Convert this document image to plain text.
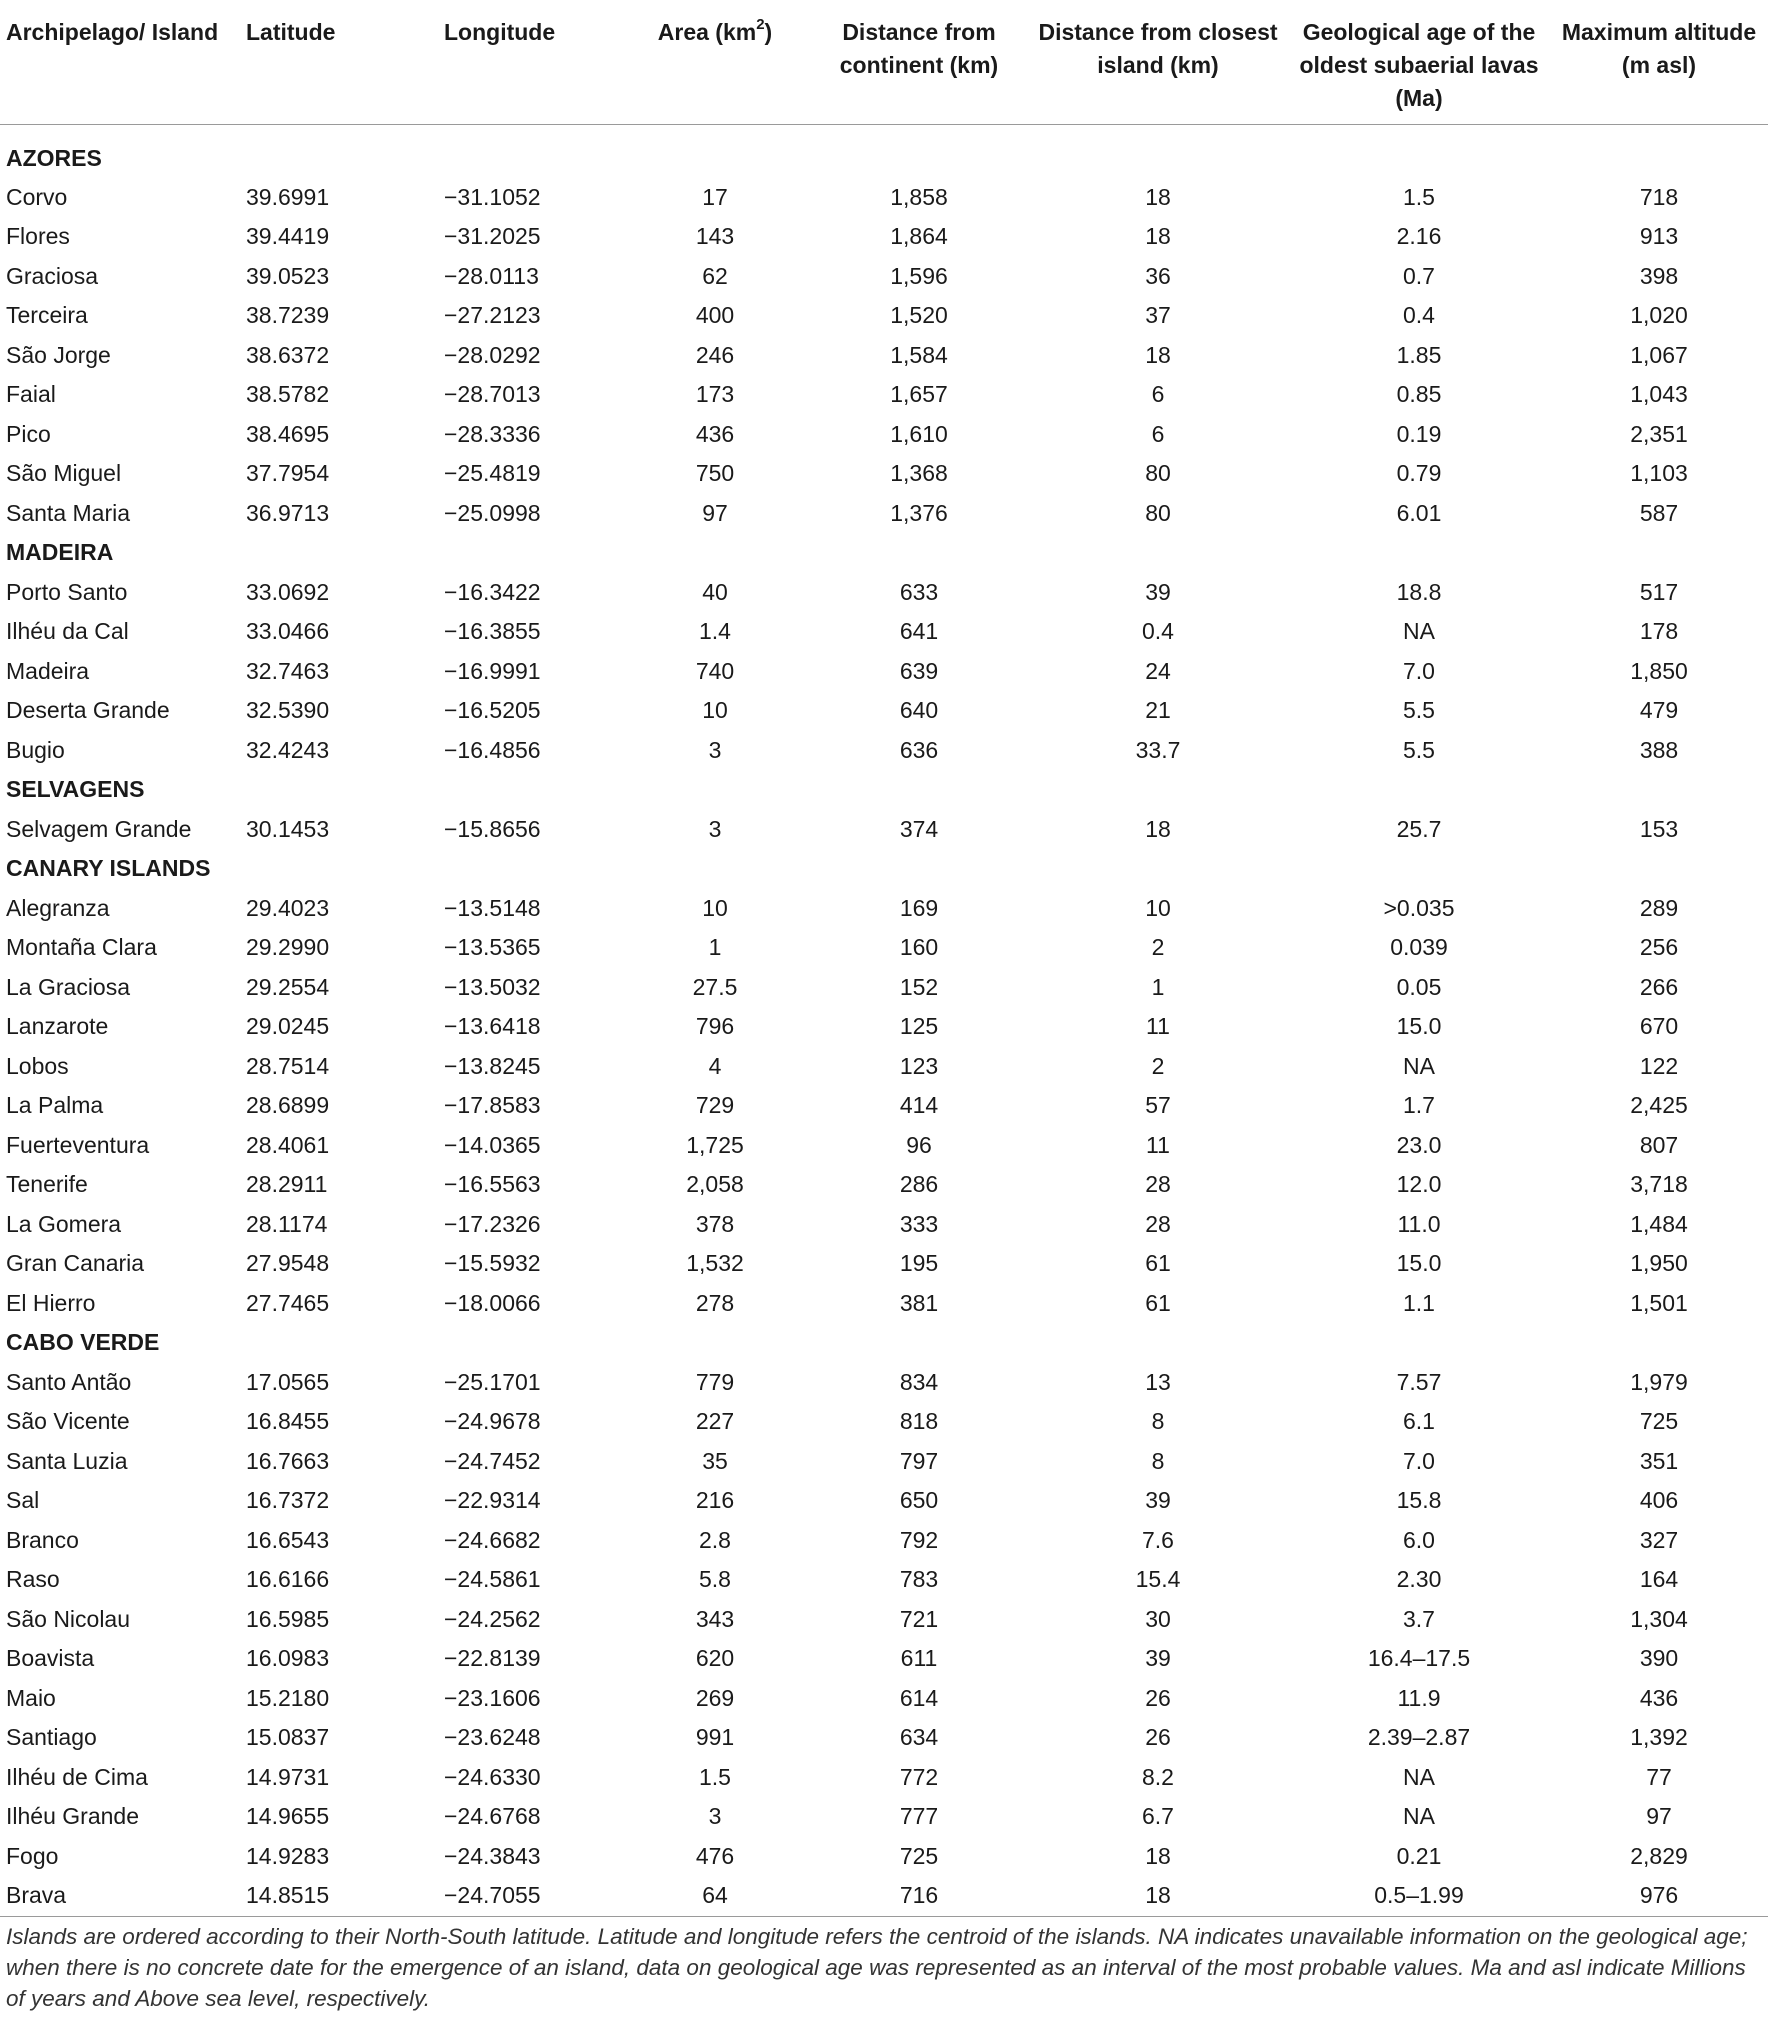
Archipelago/ Island	Latitude	Longitude	Area $(km^2)$	Distance from continent (km)	Distance from closest island (km)	Geological age of the oldest subaerial lavas (Ma)	Maximum altitude (m asl)
AZORES							
Corvo	39.6991	−31.1052	17	1,858	18	1.5	718
Flores	39.4419	−31.2025	143	1,864	18	2.16	913
Graciosa	39.0523	−28.0113	62	1,596	36	0.7	398
Terceira	38.7239	−27.2123	400	1,520	37	0.4	1,020
São Jorge	38.6372	−28.0292	246	1,584	18	1.85	1,067
Faial	38.5782	−28.7013	173	1,657	6	0.85	1,043
Pico	38.4695	−28.3336	436	1,610	6	0.19	2,351
São Miguel	37.7954	−25.4819	750	1,368	80	0.79	1,103
Santa Maria	36.9713	−25.0998	97	1,376	80	6.01	587
MADEIRA							
Porto Santo	33.0692	−16.3422	40	633	39	18.8	517
Ilhéu da Cal	33.0466	−16.3855	1.4	641	0.4	NA	178
Madeira	32.7463	−16.9991	740	639	24	7.0	1,850
Deserta Grande	32.5390	−16.5205	10	640	21	5.5	479
Bugio	32.4243	−16.4856	3	636	33.7	5.5	388
SELVAGENS							
Selvagem Grande	30.1453	−15.8656	3	374	18	25.7	153
CANARY ISLANDS							
Alegranza	29.4023	−13.5148	10	169	10	>0.035	289
Montaña Clara	29.2990	−13.5365	1	160	2	0.039	256
La Graciosa	29.2554	−13.5032	27.5	152	1	0.05	266
Lanzarote	29.0245	−13.6418	796	125	11	15.0	670
Lobos	28.7514	−13.8245	4	123	2	NA	122
La Palma	28.6899	−17.8583	729	414	57	1.7	2,425
Fuerteventura	28.4061	−14.0365	1,725	96	11	23.0	807
Tenerife	28.2911	−16.5563	2,058	286	28	12.0	3,718
La Gomera	28.1174	−17.2326	378	333	28	11.0	1,484
Gran Canaria	27.9548	−15.5932	1,532	195	61	15.0	1,950
El Hierro	27.7465	−18.0066	278	381	61	1.1	1,501
CABO VERDE							
Santo Antão	17.0565	−25.1701	779	834	13	7.57	1,979
São Vicente	16.8455	−24.9678	227	818	8	6.1	725
Santa Luzia	16.7663	−24.7452	35	797	8	7.0	351
Sal	16.7372	−22.9314	216	650	39	15.8	406
Branco	16.6543	−24.6682	2.8	792	7.6	6.0	327
Raso	16.6166	−24.5861	5.8	783	15.4	2.30	164
São Nicolau	16.5985	−24.2562	343	721	30	3.7	1,304
Boavista	16.0983	−22.8139	620	611	39	16.4–17.5	390
Maio	15.2180	−23.1606	269	614	26	11.9	436
Santiago	15.0837	−23.6248	991	634	26	2.39–2.87	1,392
Ilhéu de Cima	14.9731	−24.6330	1.5	772	8.2	NA	77
Ilhéu Grande	14.9655	−24.6768	3	777	6.7	NA	97
Fogo	14.9283	−24.3843	476	725	18	0.21	2,829
Brava	14.8515	−24.7055	64	716	18	0.5–1.99	976
Islands are ordered according to their North-South latitude. Latitude and longitude refers the centroid of the islands. NA indicates unavailable information on the geological age; when there is no concrete date for the emergence of an island, data on geological age was represented as an interval of the most probable values. Ma and asl indicate Millions of years and Above sea level, respectively.							
